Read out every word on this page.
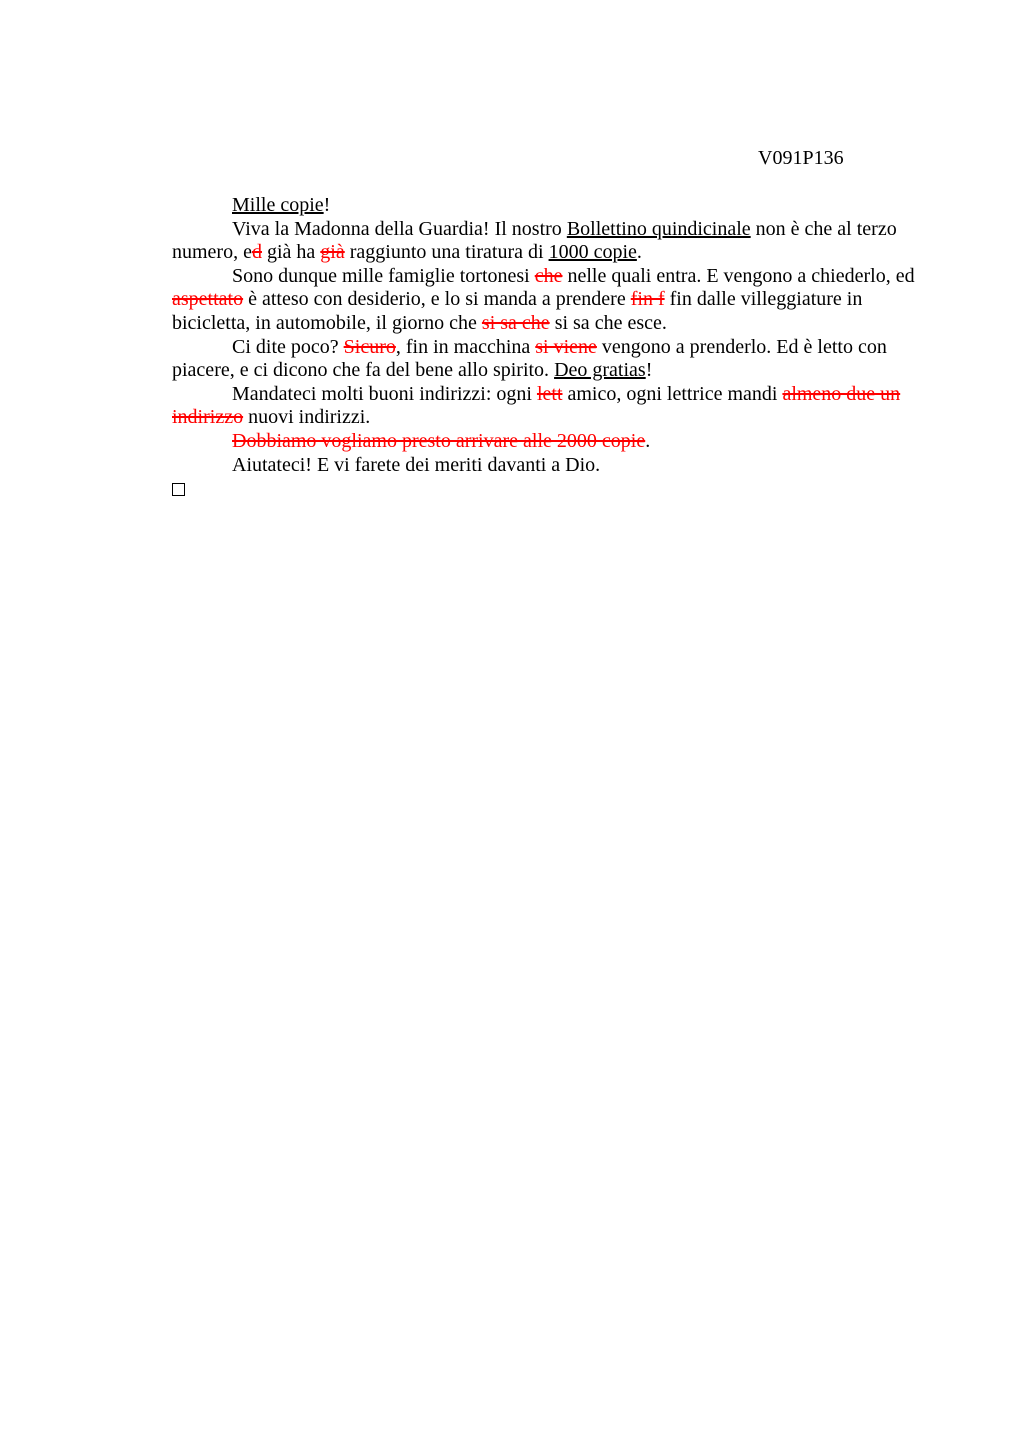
V091P136

Mille copie!

Viva la Madonna della Guardia! Il nostro Bollettino quindicinale non è che al terzo numero, ed già ha già raggiunto una tiratura di 1000 copie.

Sono dunque mille famiglie tortonesi che nelle quali entra. E vengono a chiederlo, ed aspettato è atteso con desiderio, e lo si manda a prendere fin f fin dalle villeggiature in bicicletta, in automobile, il giorno che si sa che si sa che esce.

Ci dite poco? Sicuro, fin in macchina si viene vengono a prenderlo. Ed è letto con piacere, e ci dicono che fa del bene allo spirito. Deo gratias!

Mandateci molti buoni indirizzi: ogni lett amico, ogni lettrice mandi almeno due un indirizzo nuovi indirizzi.

Dobbiamo vogliamo presto arrivare alle 2000 copie.

Aiutateci! E vi farete dei meriti davanti a Dio.
